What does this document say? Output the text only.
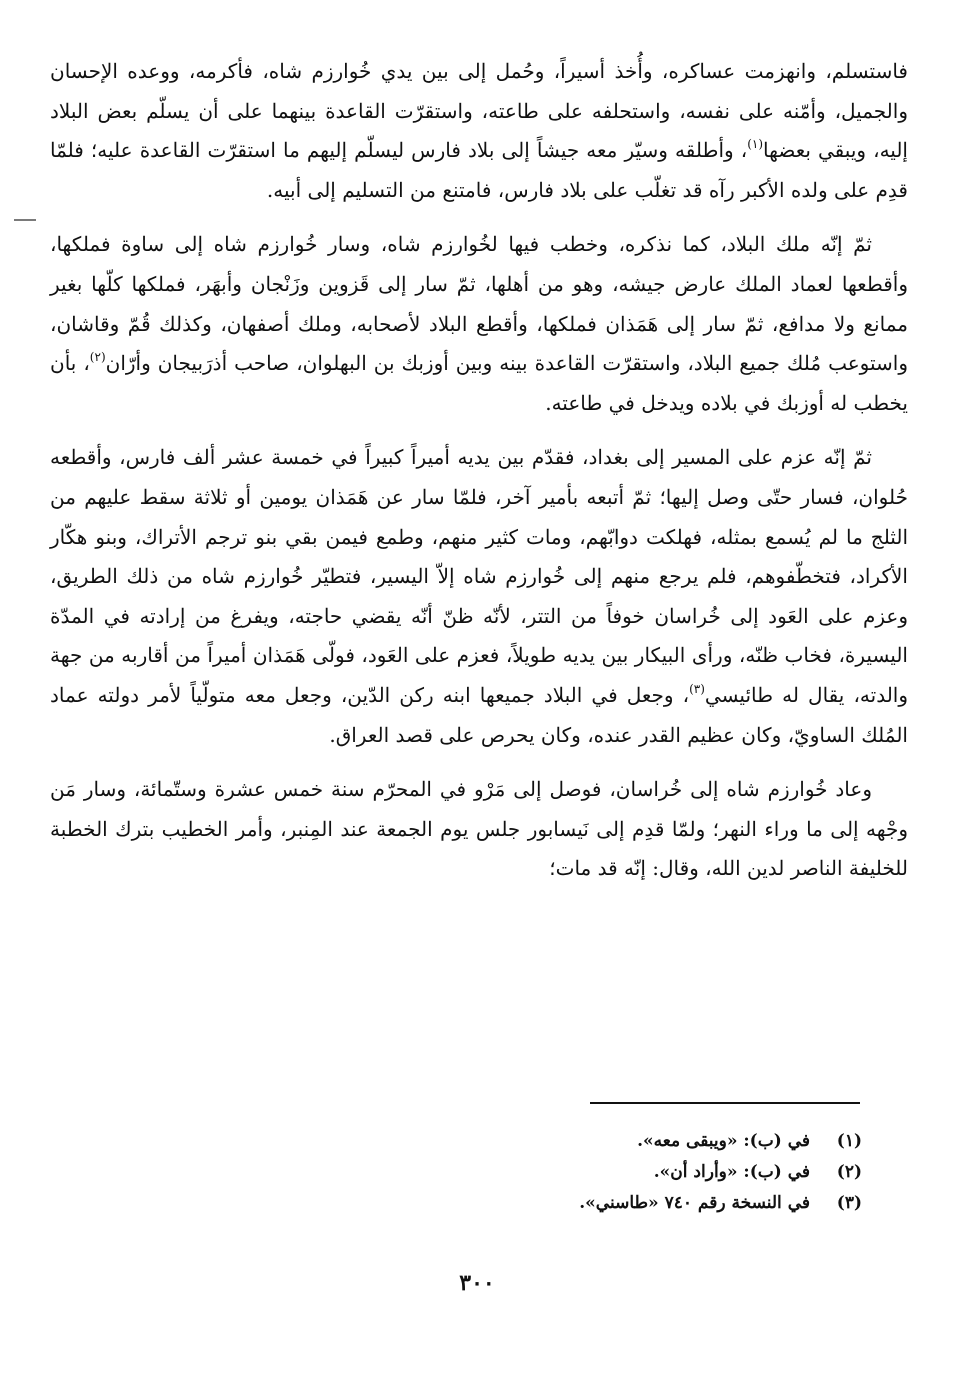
فاستسلم، وانهزمت عساكره، وأُخذ أسيراً، وحُمل إلى بين يدي خُوارزم شاه، فأكرمه، ووعده الإحسان والجميل، وأمّنه على نفسه، واستحلفه على طاعته، واستقرّت القاعدة بينهما على أن يسلّم بعض البلاد إليه، ويبقي بعضها$^{(١)}$، وأطلقه وسيّر معه جيشاً إلى بلاد فارس ليسلّم إليهم ما استقرّت القاعدة عليه؛ فلمّا قدِم على ولده الأكبر رآه قد تغلّب على بلاد فارس، فامتنع من التسليم إلى أبيه.

ثمّ إنّه ملك البلاد، كما نذكره، وخطب فيها لخُوارزم شاه، وسار خُوارزم شاه إلى ساوة فملكها، وأقطعها لعماد الملك عارض جيشه، وهو من أهلها، ثمّ سار إلى قَزوين وزَنْجان وأبهَر، فملكها كلّها بغير ممانع ولا مدافع، ثمّ سار إلى هَمَذان فملكها، وأقطع البلاد لأصحابه، وملك أصفهان، وكذلك قُمّ وقاشان، واستوعب مُلك جميع البلاد، واستقرّت القاعدة بينه وبين أوزبك بن البهلوان، صاحب أذرَبيجان وأرّان$^{(٢)}$، بأن يخطب له أوزبك في بلاده ويدخل في طاعته.

ثمّ إنّه عزم على المسير إلى بغداد، فقدّم بين يديه أميراً كبيراً في خمسة عشر ألف فارس، وأقطعه حُلوان، فسار حتّى وصل إليها؛ ثمّ أتبعه بأمير آخر، فلمّا سار عن هَمَذان يومين أو ثلاثة سقط عليهم من الثلج ما لم يُسمع بمثله، فهلكت دوابّهم، ومات كثير منهم، وطمع فيمن بقي بنو ترجم الأتراك، وبنو هكّار الأكراد، فتخطّفوهم، فلم يرجع منهم إلى خُوارزم شاه إلاّ اليسير، فتطيّر خُوارزم شاه من ذلك الطريق، وعزم على العَود إلى خُراسان خوفاً من التتر، لأنّه ظنّ أنّه يقضي حاجته، ويفرغ من إرادته في المدّة اليسيرة، فخاب ظنّه، ورأى البيكار بين يديه طويلاً، فعزم على العَود، فولّى هَمَذان أميراً من أقاربه من جهة والدته، يقال له طائيسي$^{(٣)}$، وجعل في البلاد جميعها ابنه ركن الدّين، وجعل معه متولّياً لأمر دولته عماد المُلك الساويّ، وكان عظيم القدر عنده، وكان يحرص على قصد العراق.

وعاد خُوارزم شاه إلى خُراسان، فوصل إلى مَرْو في المحرّم سنة خمس عشرة وستّمائة، وسار مَن وجْهه إلى ما وراء النهر؛ ولمّا قدِم إلى نَيسابور جلس يوم الجمعة عند المِنبر، وأمر الخطيب بترك الخطبة للخليفة الناصر لدين الله، وقال: إنّه قد مات؛

(١)
في (ب): «ويبقى معه».
(٢)
في (ب): «وأراد أن».
(٣)
في النسخة رقم ٧٤٠ «طاسني».
٣٠٠
